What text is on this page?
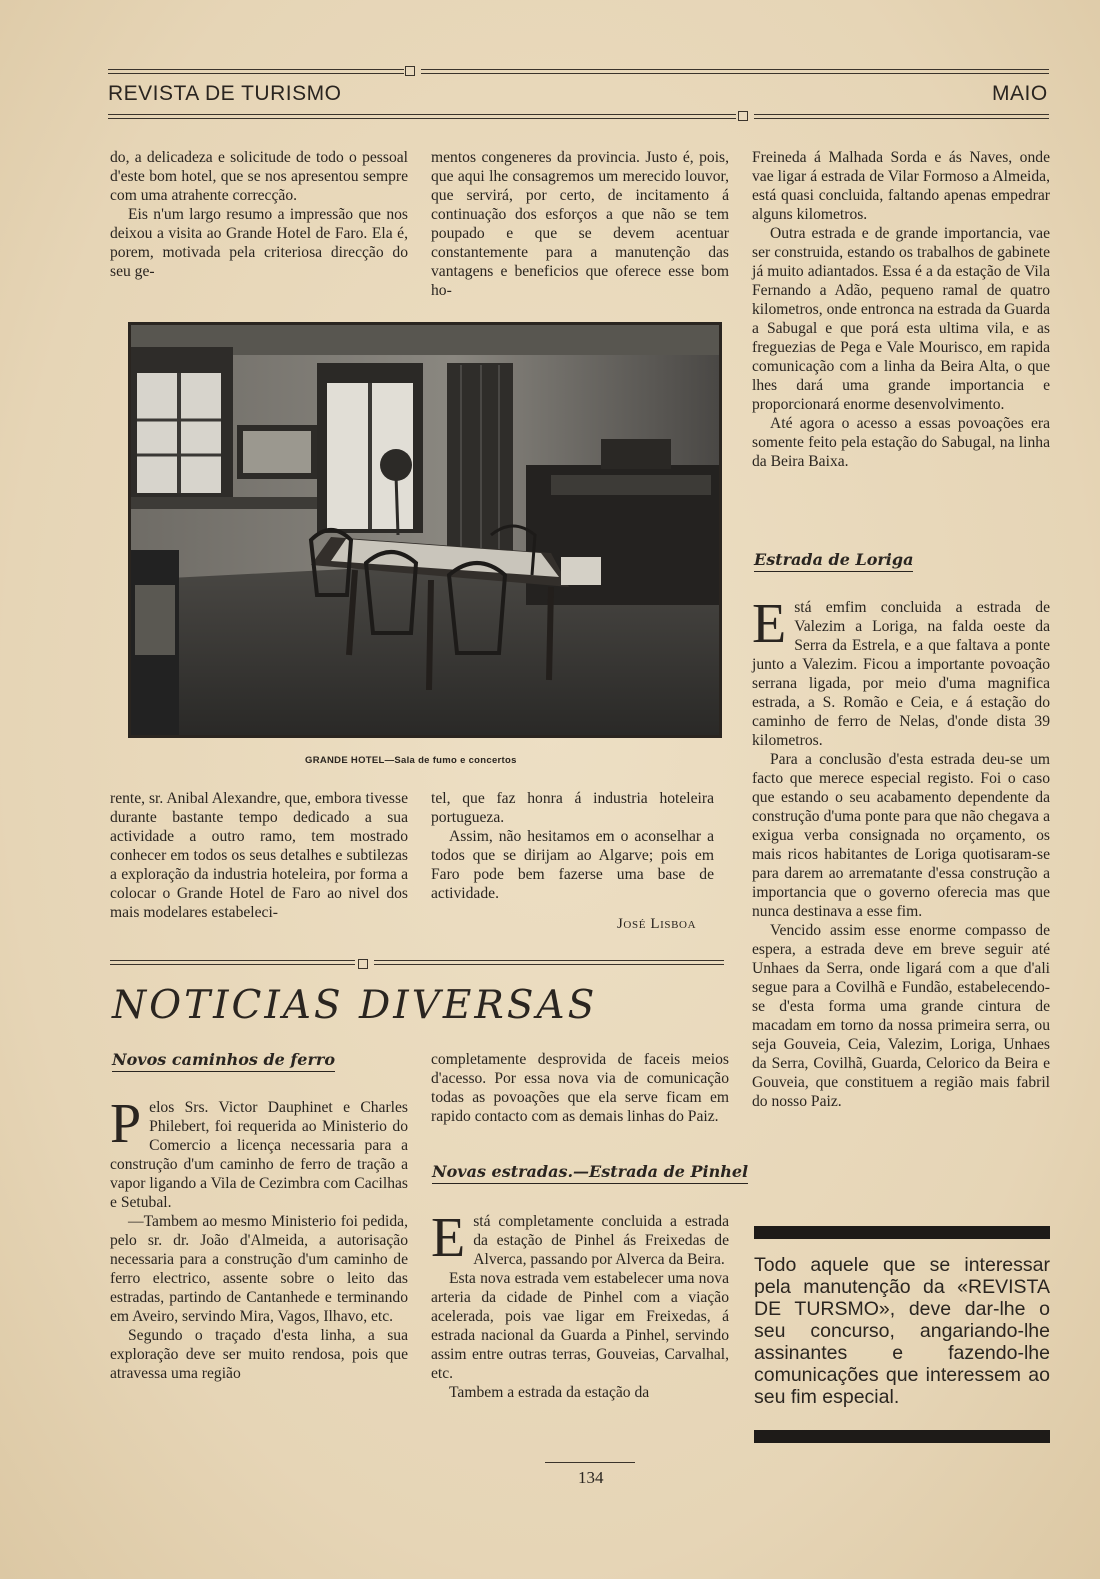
REVISTA DE TURISMO	MAIO

do, a delicadeza e solicitude de todo o pessoal d'este bom hotel, que se nos apresentou sempre com uma atrahente correcção.

Eis n'um largo resumo a impressão que nos deixou a visita ao Grande Hotel de Faro. Ela é, porem, motivada pela criteriosa direcção do seu ge-

mentos congeneres da provincia. Justo é, pois, que aqui lhe consagremos um merecido louvor, que servirá, por certo, de incitamento á continuação dos esforços a que não se tem poupado e que se devem acentuar constantemente para a manutenção das vantagens e beneficios que oferece esse bom ho-

GRANDE HOTEL—Sala de fumo e concertos

rente, sr. Anibal Alexandre, que, embora tivesse durante bastante tempo dedicado a sua actividade a outro ramo, tem mostrado conhecer em todos os seus detalhes e subtilezas a exploração da industria hoteleira, por forma a colocar o Grande Hotel de Faro ao nivel dos mais modelares estabeleci-

tel, que faz honra á industria hoteleira portugueza.

Assim, não hesitamos em o aconselhar a todos que se dirijam ao Algarve; pois em Faro pode bem fazerse uma base de actividade.

José Lisboa
NOTICIAS DIVERSAS
Novos caminhos de ferro

Pelos Srs. Victor Dauphinet e Charles Philebert, foi requerida ao Ministerio do Comercio a licença necessaria para a construção d'um caminho de ferro de tração a vapor ligando a Vila de Cezimbra com Cacilhas e Setubal.

—Tambem ao mesmo Ministerio foi pedida, pelo sr. dr. João d'Almeida, a autorisação necessaria para a construção d'um caminho de ferro electrico, assente sobre o leito das estradas, partindo de Cantanhede e terminando em Aveiro, servindo Mira, Vagos, Ilhavo, etc.

Segundo o traçado d'esta linha, a sua exploração deve ser muito rendosa, pois que atravessa uma região

completamente desprovida de faceis meios d'acesso. Por essa nova via de comunicação todas as povoações que ela serve ficam em rapido contacto com as demais linhas do Paiz.

Novas estradas.—Estrada de Pinhel

Está completamente concluida a estrada da estação de Pinhel ás Freixedas de Alverca, passando por Alverca da Beira.

Esta nova estrada vem estabelecer uma nova arteria da cidade de Pinhel com a viação acelerada, pois vae ligar em Freixedas, á estrada nacional da Guarda a Pinhel, servindo assim entre outras terras, Gouveias, Carvalhal, etc.

Tambem a estrada da estação da

Freineda á Malhada Sorda e ás Naves, onde vae ligar á estrada de Vilar Formoso a Almeida, está quasi concluida, faltando apenas empedrar alguns kilometros.

Outra estrada e de grande importancia, vae ser construida, estando os trabalhos de gabinete já muito adiantados. Essa é a da estação de Vila Fernando a Adão, pequeno ramal de quatro kilometros, onde entronca na estrada da Guarda a Sabugal e que porá esta ultima vila, e as freguezias de Pega e Vale Mourisco, em rapida comunicação com a linha da Beira Alta, o que lhes dará uma grande importancia e proporcionará enorme desenvolvimento.

Até agora o acesso a essas povoações era somente feito pela estação do Sabugal, na linha da Beira Baixa.

Estrada de Loriga

Está emfim concluida a estrada de Valezim a Loriga, na falda oeste da Serra da Estrela, e a que faltava a ponte junto a Valezim. Ficou a importante povoação serrana ligada, por meio d'uma magnifica estrada, a S. Romão e Ceia, e á estação do caminho de ferro de Nelas, d'onde dista 39 kilometros.

Para a conclusão d'esta estrada deu-se um facto que merece especial registo. Foi o caso que estando o seu acabamento dependente da construção d'uma ponte para que não chegava a exigua verba consignada no orçamento, os mais ricos habitantes de Loriga quotisaram-se para darem ao arrematante d'essa construção a importancia que o governo oferecia mas que nunca destinava a esse fim.

Vencido assim esse enorme compasso de espera, a estrada deve em breve seguir até Unhaes da Serra, onde ligará com a que d'ali segue para a Covilhã e Fundão, estabelecendo-se d'esta forma uma grande cintura de macadam em torno da nossa primeira serra, ou seja Gouveia, Ceia, Valezim, Loriga, Unhaes da Serra, Covilhã, Guarda, Celorico da Beira e Gouveia, que constituem a região mais fabril do nosso Paiz.

Todo aquele que se interessar pela manutenção da «REVISTA DE TURSMO», deve dar-lhe o seu concurso, angariando-lhe assinantes e fazendo-lhe comunicações que interessem ao seu fim especial.
134
